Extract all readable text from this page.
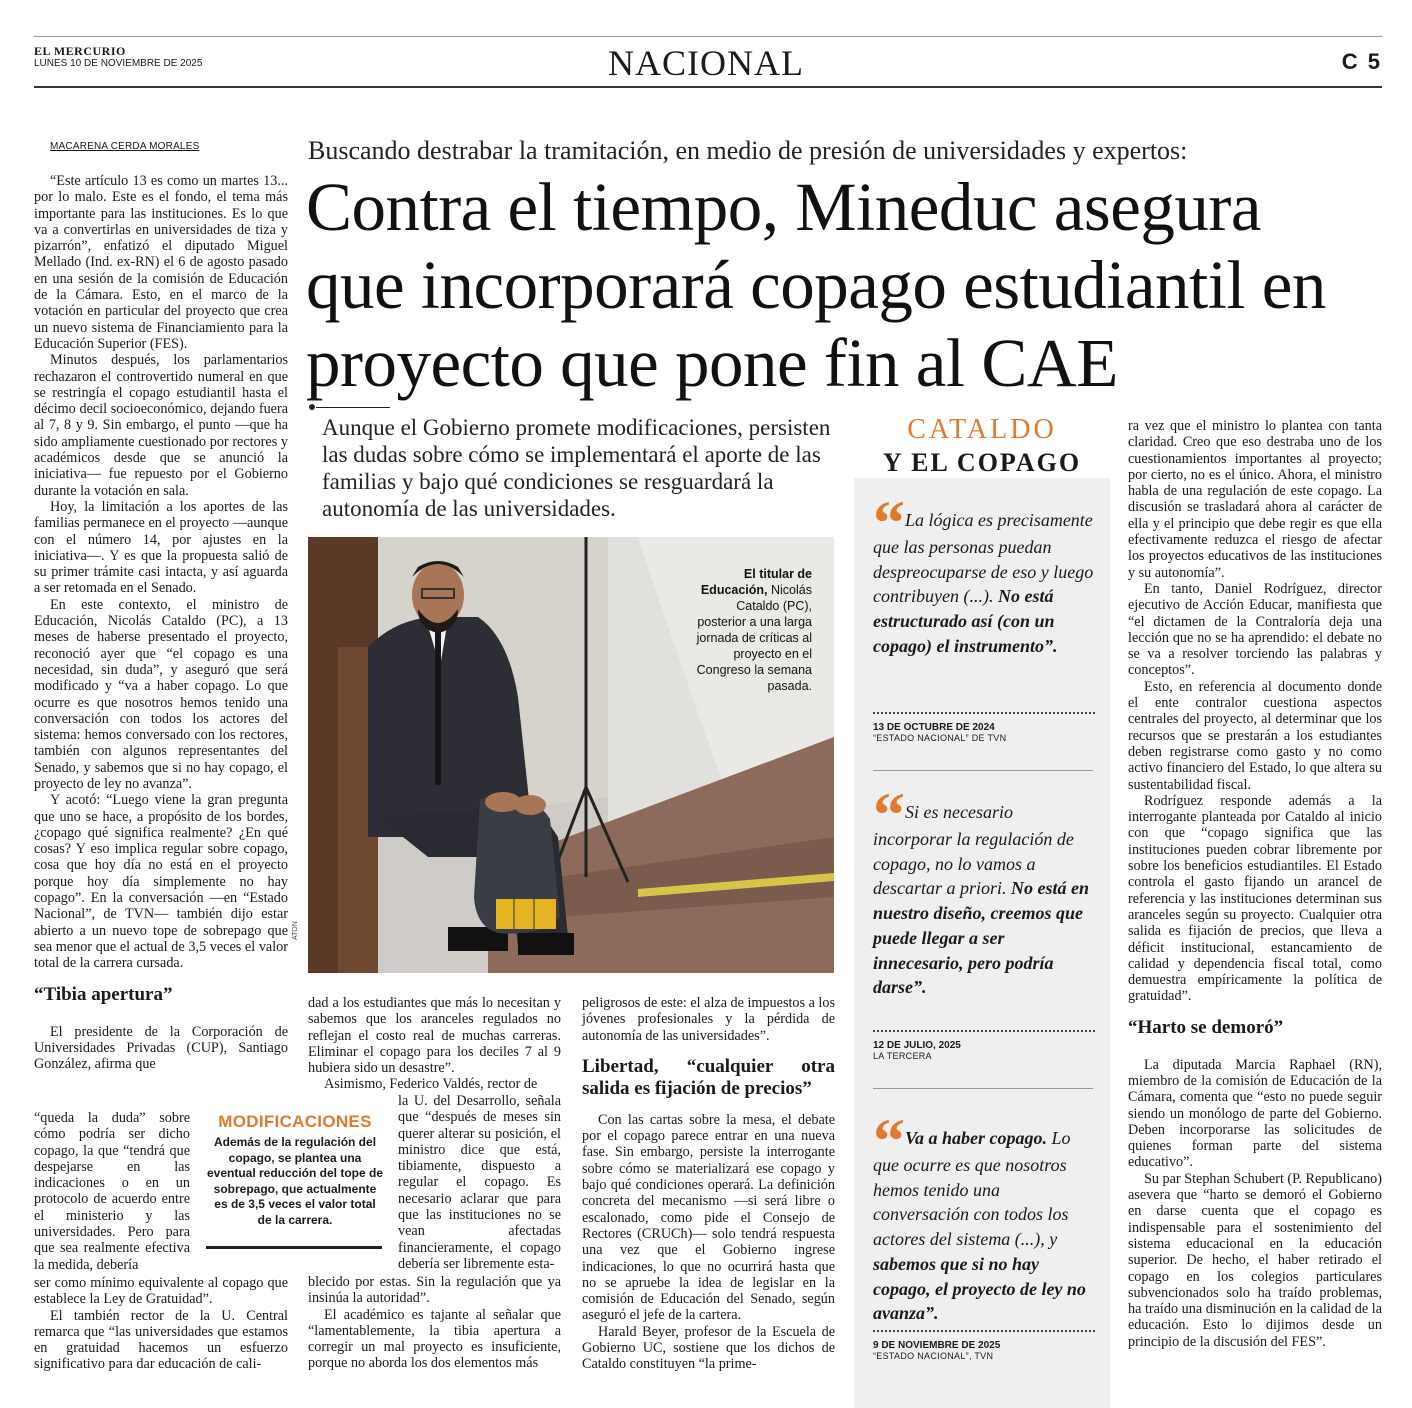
EL MERCURIO
LUNES 10 DE NOVIEMBRE DE 2025	NACIONAL	C 5
MACARENA CERDA MORALES	Buscando destrabar la tramitación, en medio de presión de universidades y expertos:
Contra el tiempo, Mineduc asegura que incorporará copago estudiantil en proyecto que pone fin al CAE
Aunque el Gobierno promete modificaciones, persisten las dudas sobre cómo se implementará el aporte de las familias y bajo qué condiciones se resguardará la autonomía de las universidades.

“Este artículo 13 es como un martes 13... por lo malo. Este es el fondo, el tema más importante para las instituciones. Es lo que va a convertirlas en universidades de tiza y pizarrón”, enfatizó el diputado Miguel Mellado (Ind. ex-RN) el 6 de agosto pasado en una sesión de la comisión de Educación de la Cámara. Esto, en el marco de la votación en particular del proyecto que crea un nuevo sistema de Financiamiento para la Educación Superior (FES).

Minutos después, los parlamentarios rechazaron el controvertido numeral en que se restringía el copago estudiantil hasta el décimo decil socioeconómico, dejando fuera al 7, 8 y 9. Sin embargo, el punto —que ha sido ampliamente cuestionado por rectores y académicos desde que se anunció la iniciativa— fue repuesto por el Gobierno durante la votación en sala.

Hoy, la limitación a los aportes de las familias permanece en el proyecto —aunque con el número 14, por ajustes en la iniciativa—. Y es que la propuesta salió de su primer trámite casi intacta, y así aguarda a ser retomada en el Senado.

En este contexto, el ministro de Educación, Nicolás Cataldo (PC), a 13 meses de haberse presentado el proyecto, reconoció ayer que “el copago es una necesidad, sin duda”, y aseguró que será modificado y “va a haber copago. Lo que ocurre es que nosotros hemos tenido una conversación con todos los actores del sistema: hemos conversado con los rectores, también con algunos representantes del Senado, y sabemos que si no hay copago, el proyecto de ley no avanza”.

Y acotó: “Luego viene la gran pregunta que uno se hace, a propósito de los bordes, ¿copago qué significa realmente? ¿En qué cosas? Y eso implica regular sobre copago, cosa que hoy día no está en el proyecto porque hoy día simplemente no hay copago”. En la conversación —en “Estado Nacional”, de TVN— también dijo estar abierto a un nuevo tope de sobrepago que sea menor que el actual de 3,5 veces el valor total de la carrera cursada.

“Tibia apertura”

El presidente de la Corporación de Universidades Privadas (CUP), Santiago González, afirma que

“queda la duda” sobre cómo podría ser dicho copago, la que “tendrá que despejarse en las indicaciones o en un protocolo de acuerdo entre el ministerio y las universidades. Pero para que sea realmente efectiva la medida, debería

ser como mínimo equivalente al copago que establece la Ley de Gratuidad”.

El también rector de la U. Central remarca que “las universidades que estamos en gratuidad hacemos un esfuerzo significativo para dar educación de cali-

ATON
El titular de Educación, Nicolás Cataldo (PC), posterior a una larga jornada de críticas al proyecto en el Congreso la semana pasada.

dad a los estudiantes que más lo necesitan y sabemos que los aranceles regulados no reflejan el costo real de muchas carreras. Eliminar el copago para los deciles 7 al 9 hubiera sido un desastre”.

Asimismo, Federico Valdés, rector de

la U. del Desarrollo, señala que “después de meses sin querer alterar su posición, el ministro dice que está, tibiamente, dispuesto a regular el copago. Es necesario aclarar que para que las instituciones no se vean afectadas financieramente, el copago debería ser libremente esta-

blecido por estas. Sin la regulación que ya insinúa la autoridad”.

El académico es tajante al señalar que “lamentablemente, la tibia apertura a corregir un mal proyecto es insuficiente, porque no aborda los dos elementos más

MODIFICACIONES
Además de la regulación del copago, se plantea una eventual reducción del tope de sobrepago, que actualmente es de 3,5 veces el valor total de la carrera.

peligrosos de este: el alza de impuestos a los jóvenes profesionales y la pérdida de autonomía de las universidades”.

Libertad, “cualquier otra salida es fijación de precios”

Con las cartas sobre la mesa, el debate por el copago parece entrar en una nueva fase. Sin embargo, persiste la interrogante sobre cómo se materializará ese copago y bajo qué condiciones operará. La definición concreta del mecanismo —si será libre o escalonado, como pide el Consejo de Rectores (CRUCh)— solo tendrá respuesta una vez que el Gobierno ingrese indicaciones, lo que no ocurrirá hasta que no se apruebe la idea de legislar en la comisión de Educación del Senado, según aseguró el jefe de la cartera.

Harald Beyer, profesor de la Escuela de Gobierno UC, sostiene que los dichos de Cataldo constituyen “la prime-

CATALDO
Y EL COPAGO
“ La lógica es precisamente que las personas puedan despreocuparse de eso y luego contribuyen (...). No está estructurado así (con un copago) el instrumento”.
13 DE OCTUBRE DE 2024
“ESTADO NACIONAL” DE TVN
“ Si es necesario incorporar la regulación de copago, no lo vamos a descartar a priori. No está en nuestro diseño, creemos que puede llegar a ser innecesario, pero podría darse”.
12 DE JULIO, 2025
LA TERCERA
“ Va a haber copago. Lo que ocurre es que nosotros hemos tenido una conversación con todos los actores del sistema (...), y sabemos que si no hay copago, el proyecto de ley no avanza”.
9 DE NOVIEMBRE DE 2025
“ESTADO NACIONAL”, TVN

ra vez que el ministro lo plantea con tanta claridad. Creo que eso destraba uno de los cuestionamientos importantes al proyecto; por cierto, no es el único. Ahora, el ministro habla de una regulación de este copago. La discusión se trasladará ahora al carácter de ella y el principio que debe regir es que ella efectivamente reduzca el riesgo de afectar los proyectos educativos de las instituciones y su autonomía”.

En tanto, Daniel Rodríguez, director ejecutivo de Acción Educar, manifiesta que “el dictamen de la Contraloría deja una lección que no se ha aprendido: el debate no se va a resolver torciendo las palabras y conceptos”.

Esto, en referencia al documento donde el ente contralor cuestiona aspectos centrales del proyecto, al determinar que los recursos que se prestarán a los estudiantes deben registrarse como gasto y no como activo financiero del Estado, lo que altera su sustentabilidad fiscal.

Rodríguez responde además a la interrogante planteada por Cataldo al inicio con que “copago significa que las instituciones pueden cobrar libremente por sobre los beneficios estudiantiles. El Estado controla el gasto fijando un arancel de referencia y las instituciones determinan sus aranceles según su proyecto. Cualquier otra salida es fijación de precios, que lleva a déficit institucional, estancamiento de calidad y dependencia fiscal total, como demuestra empíricamente la política de gratuidad”.

“Harto se demoró”

La diputada Marcia Raphael (RN), miembro de la comisión de Educación de la Cámara, comenta que “esto no puede seguir siendo un monólogo de parte del Gobierno. Deben incorporarse las solicitudes de quienes forman parte del sistema educativo”.

Su par Stephan Schubert (P. Republicano) asevera que “harto se demoró el Gobierno en darse cuenta que el copago es indispensable para el sostenimiento del sistema educacional en la educación superior. De hecho, el haber retirado el copago en los colegios particulares subvencionados solo ha traído problemas, ha traído una disminución en la calidad de la educación. Esto lo dijimos desde un principio de la discusión del FES”.
